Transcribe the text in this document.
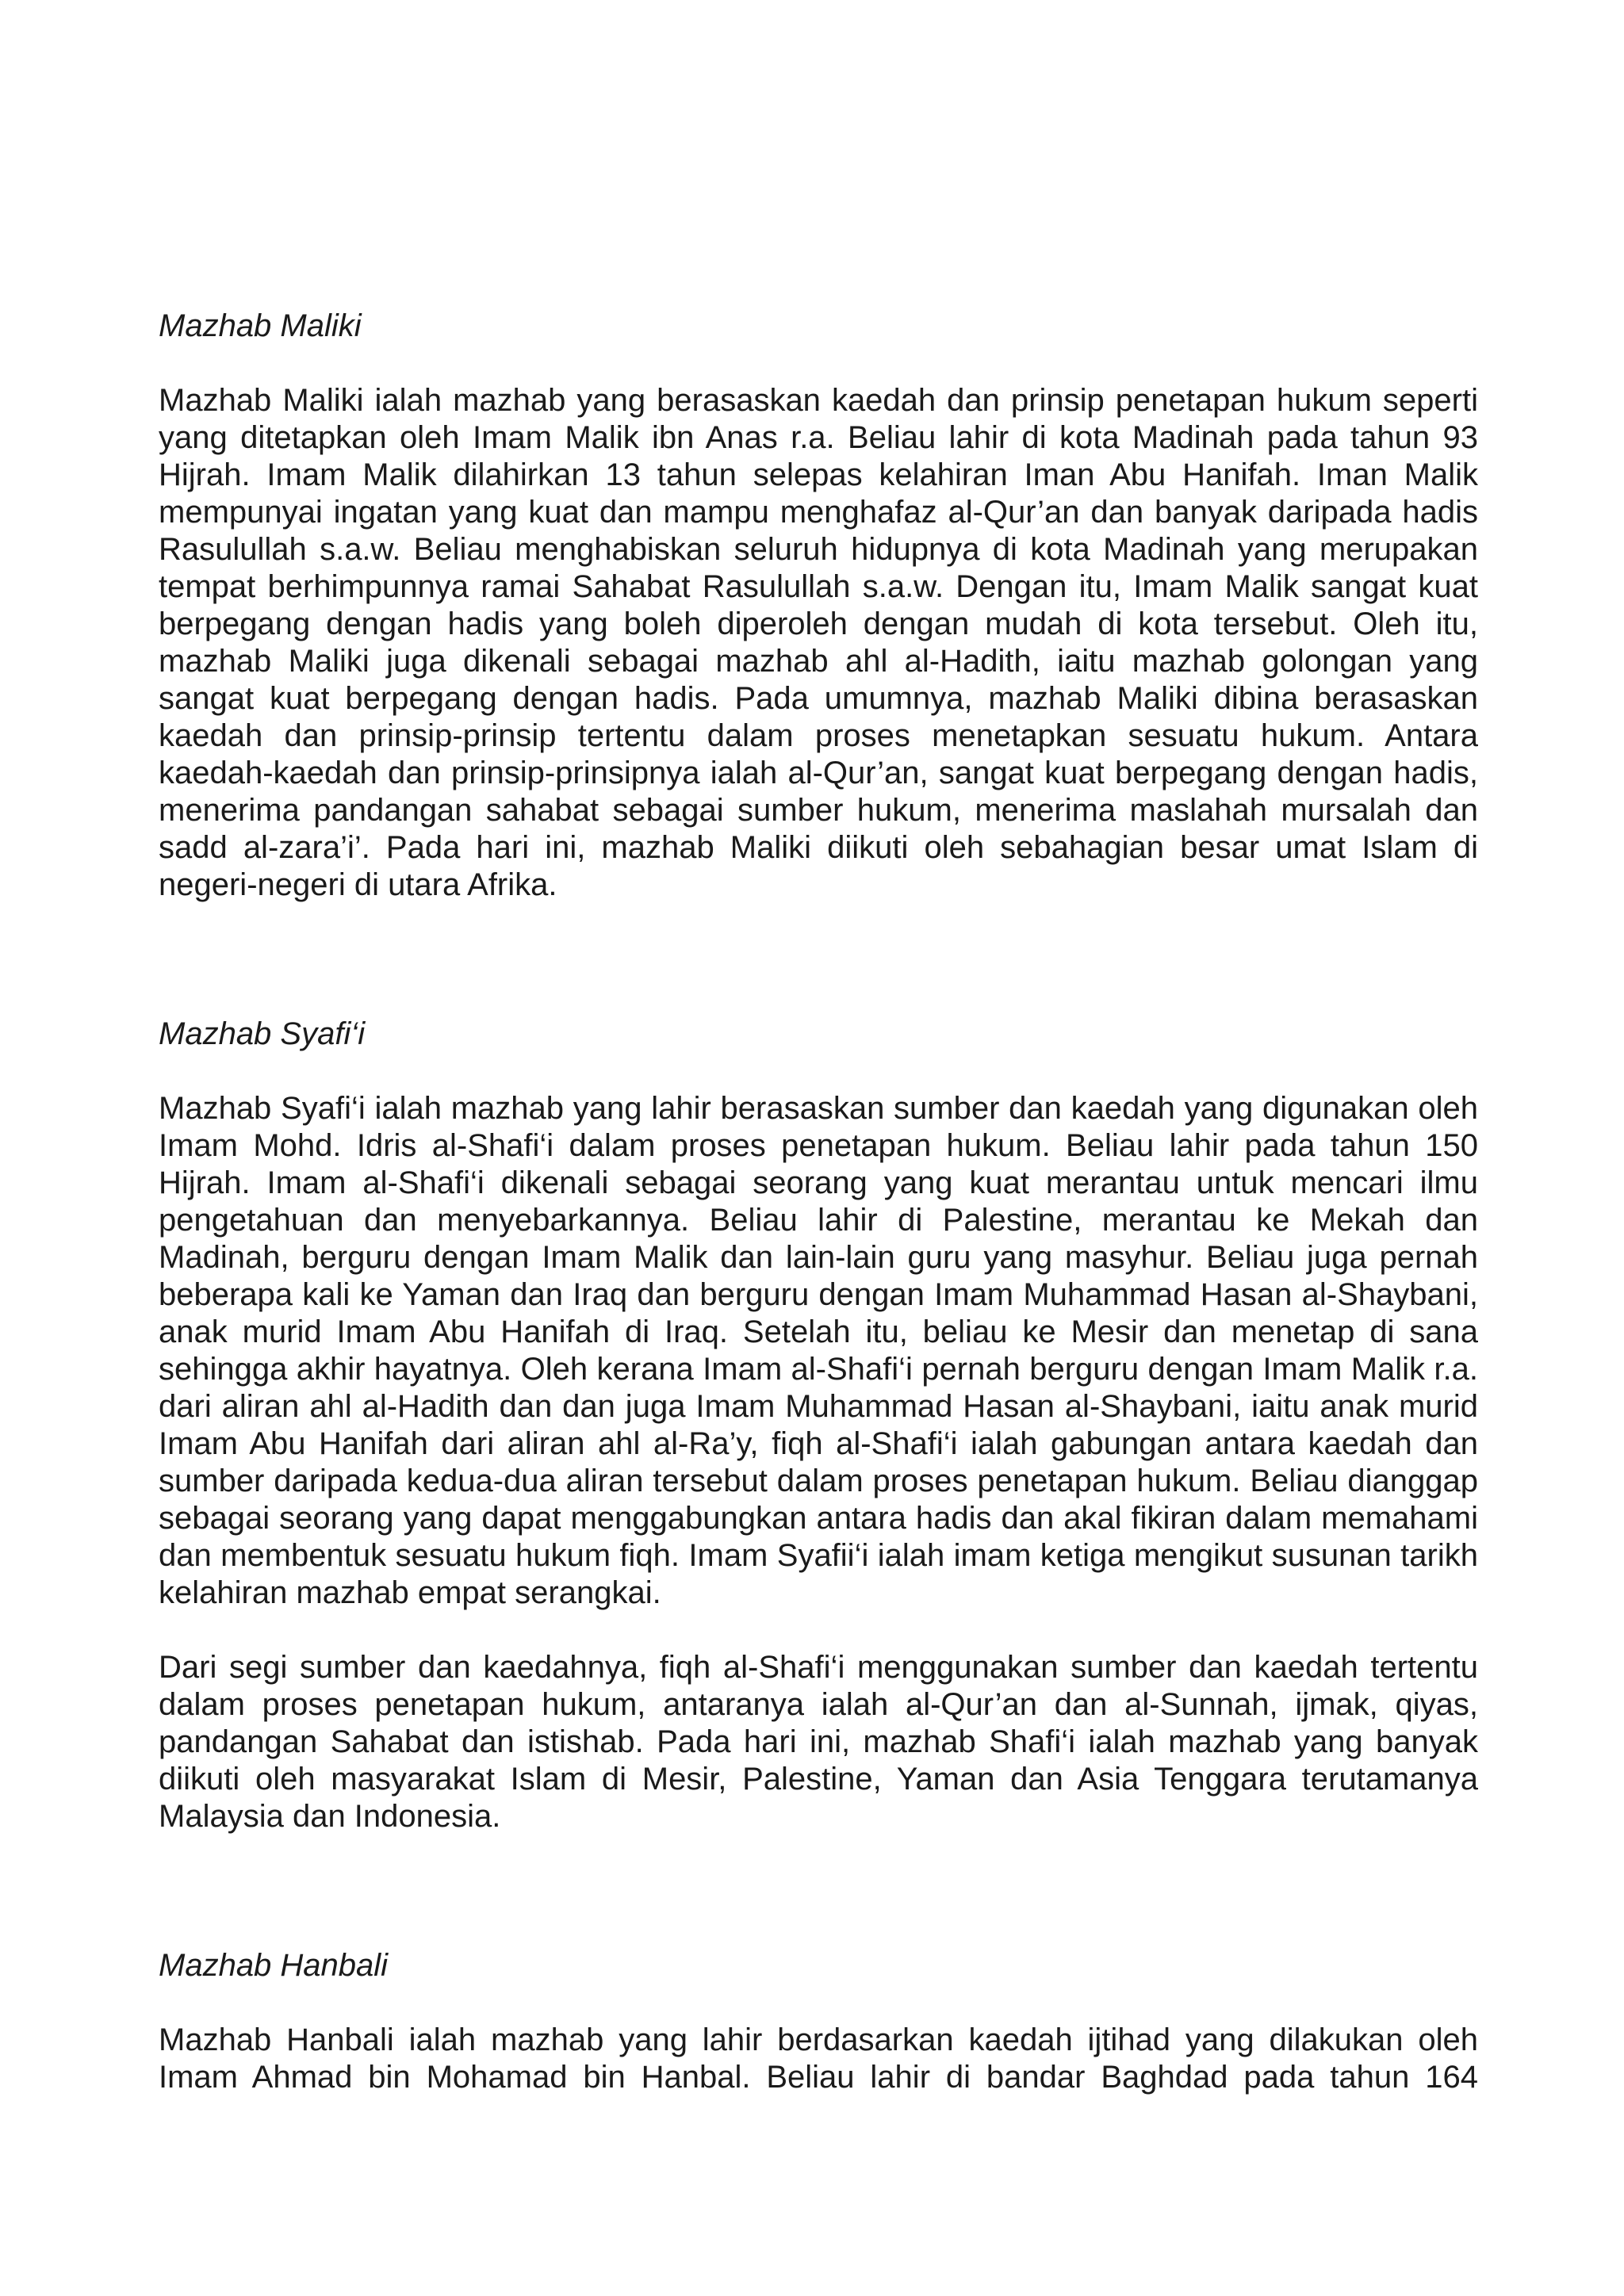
Mazhab Maliki

Mazhab Maliki ialah mazhab yang berasaskan kaedah dan prinsip penetapan hukum seperti yang ditetapkan oleh Imam Malik ibn Anas r.a. Beliau lahir di kota Madinah pada tahun 93 Hijrah. Imam Malik dilahirkan 13 tahun selepas kelahiran Iman Abu Hanifah. Iman Malik mempunyai ingatan yang kuat dan mampu menghafaz al-Qur’an dan banyak daripada hadis Rasulullah s.a.w. Beliau menghabiskan seluruh hidupnya di kota Madinah yang merupakan tempat berhimpunnya ramai Sahabat Rasulullah s.a.w. Dengan itu, Imam Malik sangat kuat berpegang dengan hadis yang boleh diperoleh dengan mudah di kota tersebut. Oleh itu, mazhab Maliki juga dikenali sebagai mazhab ahl al-Hadith, iaitu mazhab golongan yang sangat kuat berpegang dengan hadis. Pada umumnya, mazhab Maliki dibina berasaskan kaedah dan prinsip-prinsip tertentu dalam proses menetapkan sesuatu hukum. Antara kaedah-kaedah dan prinsip-prinsipnya ialah al-Qur’an, sangat kuat berpegang dengan hadis, menerima pandangan sahabat sebagai sumber hukum, menerima maslahah mursalah dan sadd al-zara’i’. Pada hari ini, mazhab Maliki diikuti oleh sebahagian besar umat Islam di negeri-negeri di utara Afrika.

Mazhab Syafi‘i

Mazhab Syafi‘i ialah mazhab yang lahir berasaskan sumber dan kaedah yang digunakan oleh Imam Mohd. Idris al-Shafi‘i dalam proses penetapan hukum. Beliau lahir pada tahun 150 Hijrah. Imam al-Shafi‘i dikenali sebagai seorang yang kuat merantau untuk mencari ilmu pengetahuan dan menyebarkannya. Beliau lahir di Palestine, merantau ke Mekah dan Madinah, berguru dengan Imam Malik dan lain-lain guru yang masyhur. Beliau juga pernah beberapa kali ke Yaman dan Iraq dan berguru dengan Imam Muhammad Hasan al-Shaybani, anak murid Imam Abu Hanifah di Iraq. Setelah itu, beliau ke Mesir dan menetap di sana sehingga akhir hayatnya. Oleh kerana Imam al-Shafi‘i pernah berguru dengan Imam Malik r.a. dari aliran ahl al-Hadith dan dan juga Imam Muhammad Hasan al-Shaybani, iaitu anak murid Imam Abu Hanifah dari aliran ahl al-Ra’y, fiqh al-Shafi‘i ialah gabungan antara kaedah dan sumber daripada kedua-dua aliran tersebut dalam proses penetapan hukum. Beliau dianggap sebagai seorang yang dapat menggabungkan antara hadis dan akal fikiran dalam memahami dan membentuk sesuatu hukum fiqh. Imam Syafii‘i ialah imam ketiga mengikut susunan tarikh kelahiran mazhab empat serangkai.

Dari segi sumber dan kaedahnya, fiqh al-Shafi‘i menggunakan sumber dan kaedah tertentu dalam proses penetapan hukum, antaranya ialah al-Qur’an dan al-Sunnah, ijmak, qiyas, pandangan Sahabat dan istishab. Pada hari ini, mazhab Shafi‘i ialah mazhab yang banyak diikuti oleh masyarakat Islam di Mesir, Palestine, Yaman dan Asia Tenggara terutamanya Malaysia dan Indonesia.

Mazhab Hanbali

Mazhab Hanbali ialah mazhab yang lahir berdasarkan kaedah ijtihad yang dilakukan oleh Imam Ahmad bin Mohamad bin Hanbal. Beliau lahir di bandar Baghdad pada tahun 164
